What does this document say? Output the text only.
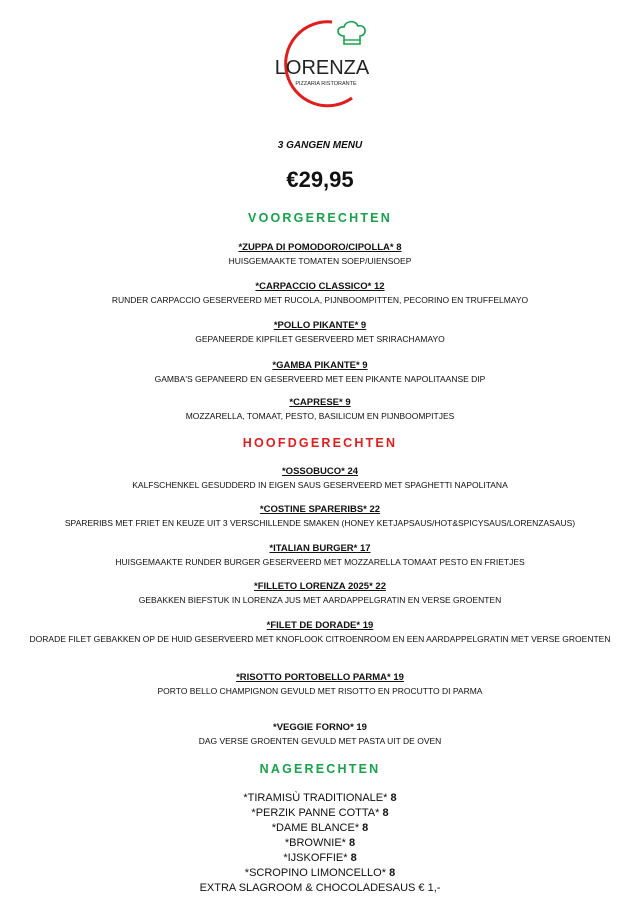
LORENZA
PIZZARIA RISTORANTE
3 GANGEN MENU
€29,95
VOORGERECHTEN
*ZUPPA DI POMODORO/CIPOLLA* 8
HUISGEMAAKTE TOMATEN SOEP/UIENSOEP
*CARPACCIO CLASSICO* 12
RUNDER CARPACCIO GESERVEERD MET RUCOLA, PIJNBOOMPITTEN, PECORINO EN TRUFFELMAYO
*POLLO PIKANTE* 9
GEPANEERDE KIPFILET GESERVEERD MET SRIRACHAMAYO
*GAMBA PIKANTE* 9
GAMBA'S GEPANEERD EN GESERVEERD MET EEN PIKANTE NAPOLITAANSE DIP
*CAPRESE* 9
MOZZARELLA, TOMAAT, PESTO, BASILICUM EN PIJNBOOMPITJES
HOOFDGERECHTEN
*OSSOBUCO* 24
KALFSCHENKEL GESUDDERD IN EIGEN SAUS GESERVEERD MET SPAGHETTI NAPOLITANA
*COSTINE SPARERIBS* 22
SPARERIBS MET FRIET EN KEUZE UIT 3 VERSCHILLENDE SMAKEN (HONEY KETJAPSAUS/HOT&SPICYSAUS/LORENZASAUS)
*ITALIAN BURGER* 17
HUISGEMAAKTE RUNDER BURGER GESERVEERD MET MOZZARELLA TOMAAT PESTO EN FRIETJES
*FILLETO LORENZA 2025* 22
GEBAKKEN BIEFSTUK IN LORENZA JUS MET AARDAPPELGRATIN EN VERSE GROENTEN
*FILET DE DORADE* 19
DORADE FILET GEBAKKEN OP DE HUID GESERVEERD MET KNOFLOOK CITROENROOM EN EEN AARDAPPELGRATIN MET VERSE GROENTEN
*RISOTTO PORTOBELLO PARMA* 19
PORTO BELLO CHAMPIGNON GEVULD MET RISOTTO EN PROCUTTO DI PARMA
*VEGGIE FORNO* 19
DAG VERSE GROENTEN GEVULD MET PASTA UIT DE OVEN
NAGERECHTEN
*TIRAMISÙ TRADITIONALE* 8
*PERZIK PANNE COTTA* 8
*DAME BLANCE* 8
*BROWNIE* 8
*IJSKOFFIE* 8
*SCROPINO LIMONCELLO* 8
EXTRA SLAGROOM & CHOCOLADESAUS € 1,-
